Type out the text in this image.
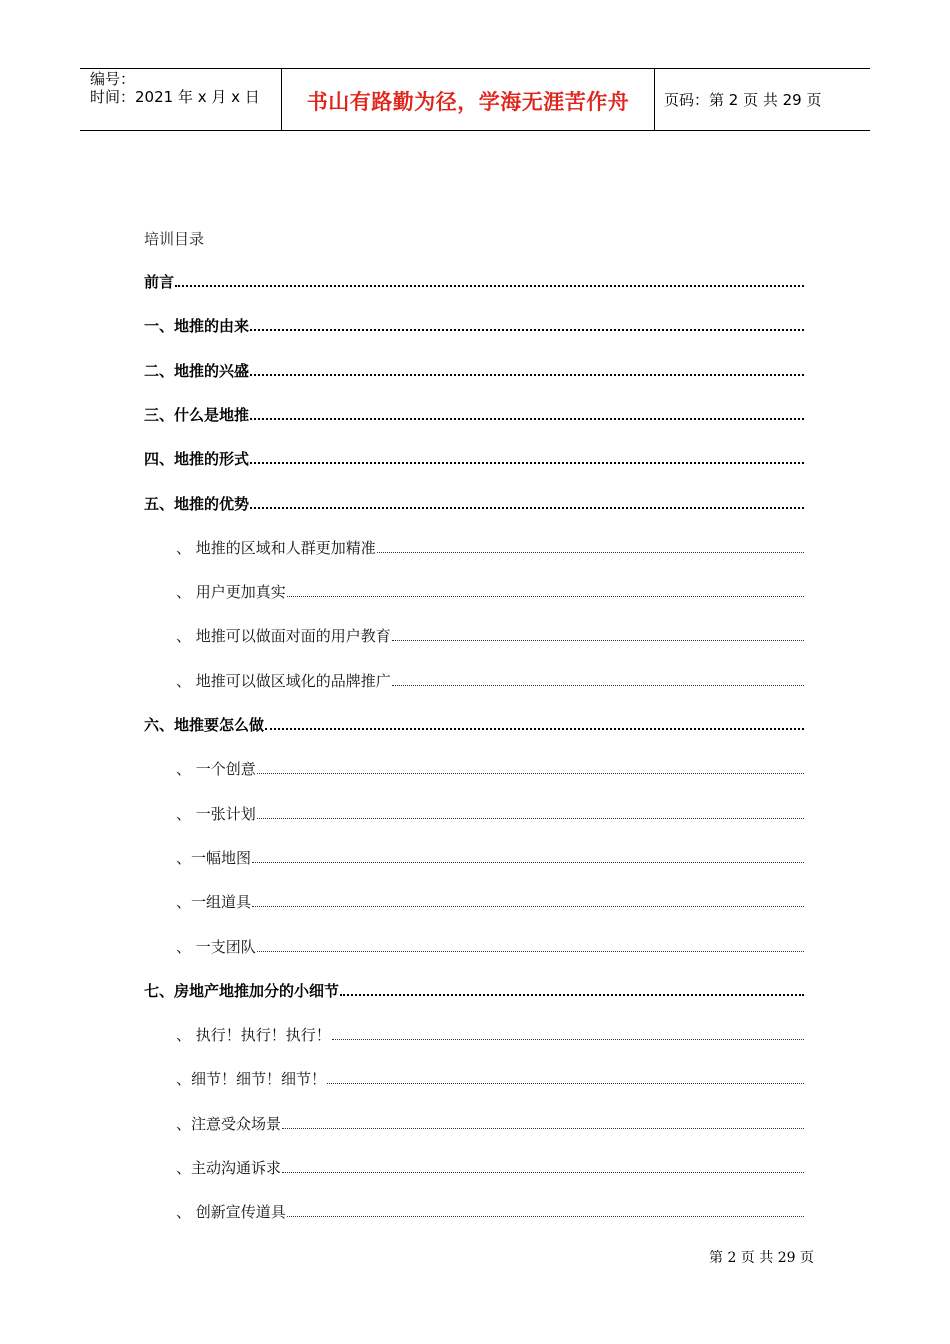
编号：
时间：2021 年 x 月 x 日	书山有路勤为径，学海无涯苦作舟	页码：第 2 页 共 29 页
培训目录
前言
一、地推的由来
二、地推的兴盛
三、什么是地推
四、地推的形式
五、地推的优势
、 地推的区域和人群更加精准
、 用户更加真实
、 地推可以做面对面的用户教育
、 地推可以做区域化的品牌推广
六、地推要怎么做
、 一个创意
、 一张计划
、一幅地图
、一组道具
、 一支团队
七、房地产地推加分的小细节
、 执行！执行！执行！
、细节！细节！细节！
、注意受众场景
、主动沟通诉求
、 创新宣传道具
第 2 页 共 29 页
